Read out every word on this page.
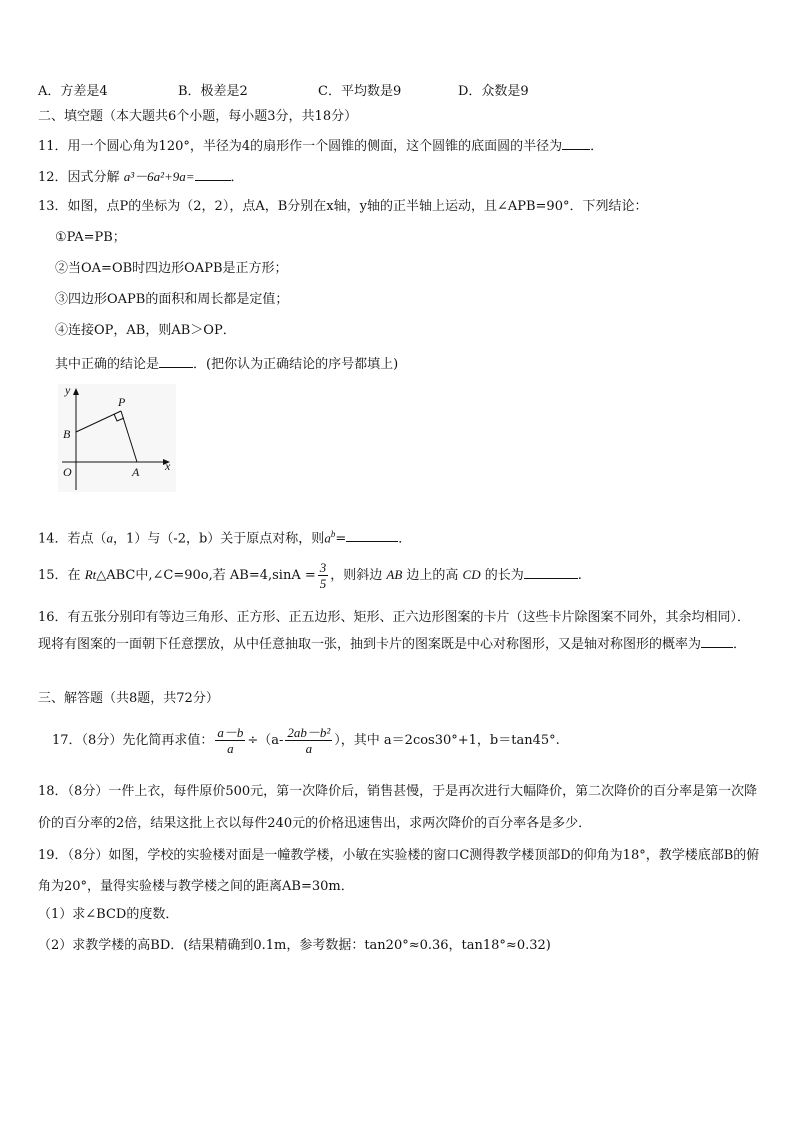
A．方差是4	B．极差是2	C．平均数是9	D．众数是9
二、填空题（本大题共6个小题，每小题3分，共18分）
11．用一个圆心角为120°，半径为4的扇形作一个圆锥的侧面，这个圆锥的底面圆的半径为 ．
12．因式分解 a³－6a²+9a=	．
13．如图，点P的坐标为（2，2），点A，B分别在x轴，y轴的正半轴上运动，且∠APB=90°．下列结论：
①PA=PB；
②当OA=OB时四边形OAPB是正方形；
③四边形OAPB的面积和周长都是定值；
④连接OP，AB，则AB＞OP．
其中正确的结论是	．(把你认为正确结论的序号都填上)
y
x
O	A
B
P
14．若点（a，1）与（-2，b）关于原点对称，则$a^b=$	．
15．在 Rt△ABC中,∠C=90o,若 $AB=4,\sin A = \frac{3}{5}$ ，则斜边 AB 边上的高 CD 的长为	.
16．有五张分别印有等边三角形、正方形、正五边形、矩形、正六边形图案的卡片（这些卡片除图案不同外，其余均相同）．现将有图案的一面朝下任意摆放，从中任意抽取一张，抽到卡片的图案既是中心对称图形，又是轴对称图形的概率为 ．
三、解答题（共8题，共72分）
17．（8分）先化简再求值： $\frac{a-b}{a} \div(a- \frac{\text{2ab－b²}}{a}$ ），其中 a＝2cos30°+1，b＝tan45°.
18．（8分）一件上衣，每件原价500元，第一次降价后，销售甚慢，于是再次进行大幅降价，第二次降价的百分率是第一次降价的百分率的2倍，结果这批上衣以每件240元的价格迅速售出，求两次降价的百分率各是多少．
19．（8分）如图，学校的实验楼对面是一幢教学楼，小敏在实验楼的窗口C测得教学楼顶部D的仰角为18°，教学楼底部B的俯角为20°，量得实验楼与教学楼之间的距离AB=30m．
（1）求∠BCD的度数．
（2）求教学楼的高BD．(结果精确到0.1m，参考数据：tan20°≈0.36，tan18°≈0.32)
